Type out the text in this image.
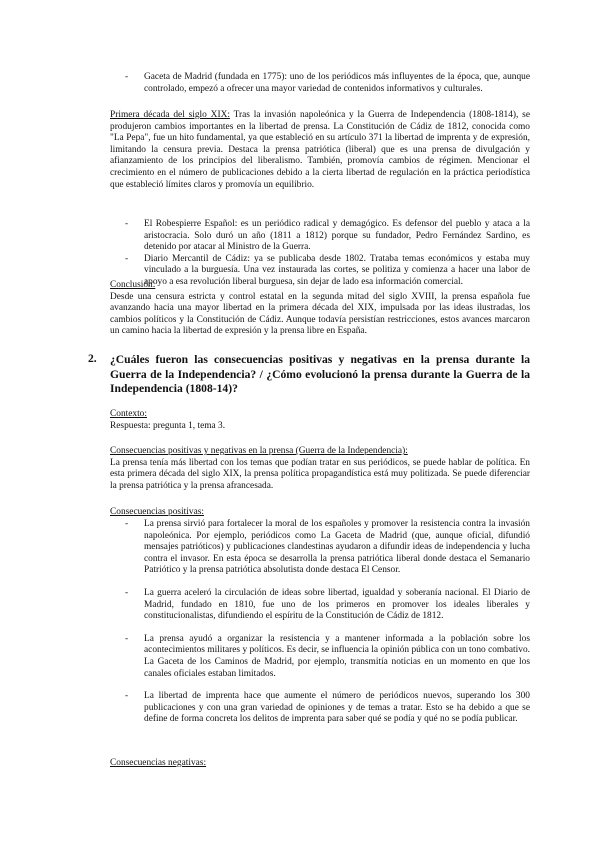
- Gaceta de Madrid (fundada en 1775): uno de los periódicos más influyentes de la época, que, aunque controlado, empezó a ofrecer una mayor variedad de contenidos informativos y culturales.
Primera década del siglo XIX: Tras la invasión napoleónica y la Guerra de Independencia (1808-1814), se produjeron cambios importantes en la libertad de prensa. La Constitución de Cádiz de 1812, conocida como "La Pepa", fue un hito fundamental, ya que estableció en su artículo 371 la libertad de imprenta y de expresión, limitando la censura previa. Destaca la prensa patriótica (liberal) que es una prensa de divulgación y afianzamiento de los principios del liberalismo. También, promovía cambios de régimen. Mencionar el crecimiento en el número de publicaciones debido a la cierta libertad de regulación en la práctica periodística que estableció límites claros y promovía un equilibrio.
- El Robespierre Español: es un periódico radical y demagógico. Es defensor del pueblo y ataca a la aristocracia. Solo duró un año (1811 a 1812) porque su fundador, Pedro Fernández Sardino, es detenido por atacar al Ministro de la Guerra.
- Diario Mercantil de Cádiz: ya se publicaba desde 1802. Trataba temas económicos y estaba muy vinculado a la burguesía. Una vez instaurada las cortes, se politiza y comienza a hacer una labor de apoyo a esa revolución liberal burguesa, sin dejar de lado esa información comercial.
Conclusión:
Desde una censura estricta y control estatal en la segunda mitad del siglo XVIII, la prensa española fue avanzando hacia una mayor libertad en la primera década del XIX, impulsada por las ideas ilustradas, los cambios políticos y la Constitución de Cádiz. Aunque todavía persistían restricciones, estos avances marcaron un camino hacia la libertad de expresión y la prensa libre en España.
2. ¿Cuáles fueron las consecuencias positivas y negativas en la prensa durante la Guerra de la Independencia? / ¿Cómo evolucionó la prensa durante la Guerra de la Independencia (1808-14)?
Contexto:
Respuesta: pregunta 1, tema 3.
Consecuencias positivas y negativas en la prensa (Guerra de la Independencia):
La prensa tenía más libertad con los temas que podían tratar en sus periódicos, se puede hablar de política. En esta primera década del siglo XIX, la prensa política propagandística está muy politizada. Se puede diferenciar la prensa patriótica y la prensa afrancesada.
Consecuencias positivas:
- La prensa sirvió para fortalecer la moral de los españoles y promover la resistencia contra la invasión napoleónica. Por ejemplo, periódicos como La Gaceta de Madrid (que, aunque oficial, difundió mensajes patrióticos) y publicaciones clandestinas ayudaron a difundir ideas de independencia y lucha contra el invasor. En esta época se desarrolla la prensa patriótica liberal donde destaca el Semanario Patriótico y la prensa patriótica absolutista donde destaca El Censor.
- La guerra aceleró la circulación de ideas sobre libertad, igualdad y soberanía nacional. El Diario de Madrid, fundado en 1810, fue uno de los primeros en promover los ideales liberales y constitucionalistas, difundiendo el espíritu de la Constitución de Cádiz de 1812.
- La prensa ayudó a organizar la resistencia y a mantener informada a la población sobre los acontecimientos militares y políticos. Es decir, se influencia la opinión pública con un tono combativo. La Gaceta de los Caminos de Madrid, por ejemplo, transmitía noticias en un momento en que los canales oficiales estaban limitados.
- La libertad de imprenta hace que aumente el número de periódicos nuevos, superando los 300 publicaciones y con una gran variedad de opiniones y de temas a tratar. Esto se ha debido a que se define de forma concreta los delitos de imprenta para saber qué se podía y qué no se podía publicar.
Consecuencias negativas:
